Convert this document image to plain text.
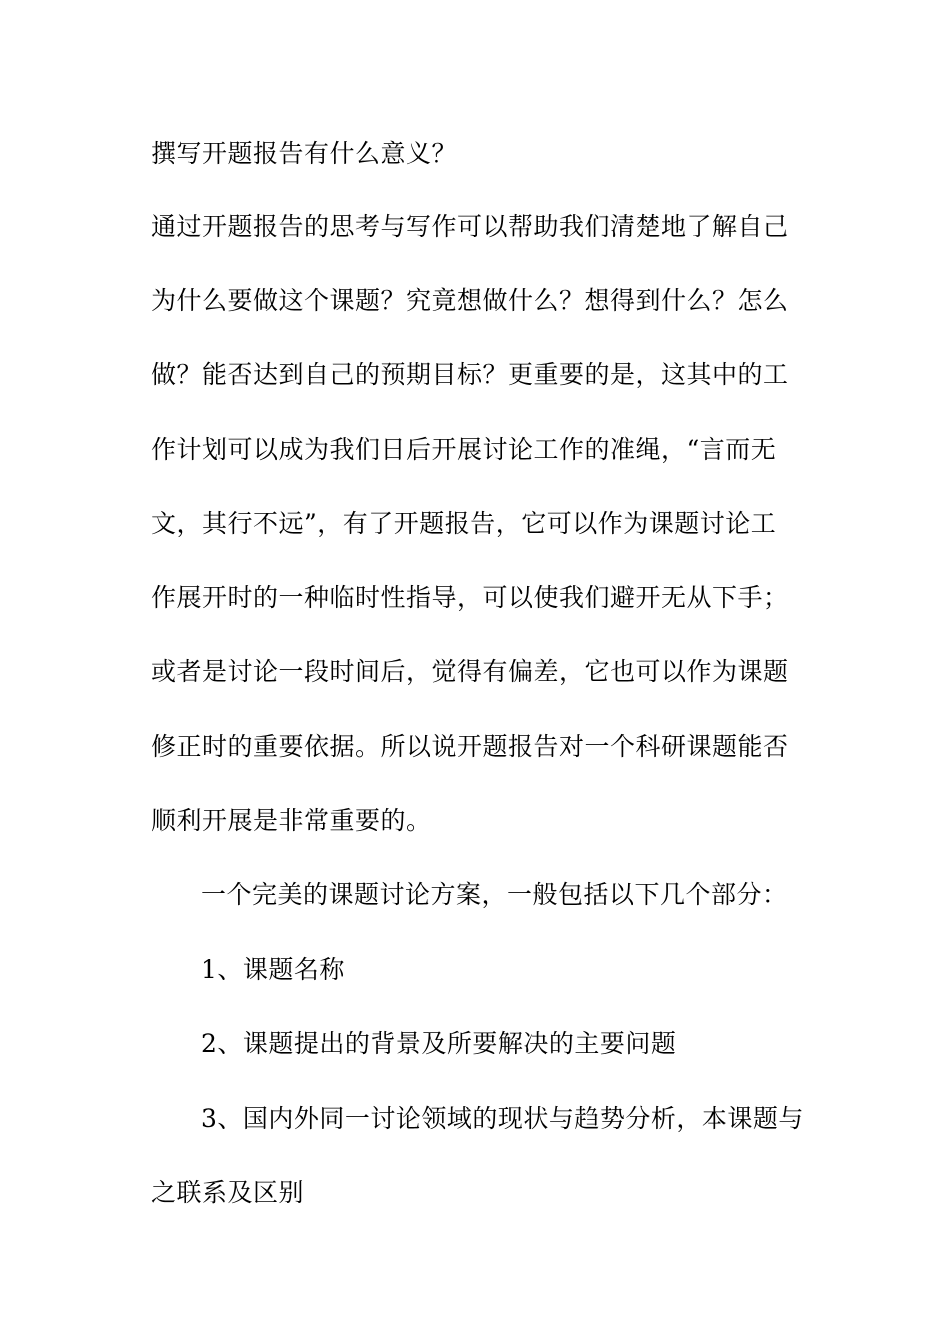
撰写开题报告有什么意义？
通过开题报告的思考与写作可以帮助我们清楚地了解自己
为什么要做这个课题？究竟想做什么？想得到什么？怎么
做？能否达到自己的预期目标？更重要的是，这其中的工
作计划可以成为我们日后开展讨论工作的准绳，“言而无
文，其行不远”，有了开题报告，它可以作为课题讨论工
作展开时的一种临时性指导，可以使我们避开无从下手；
或者是讨论一段时间后，觉得有偏差，它也可以作为课题
修正时的重要依据。所以说开题报告对一个科研课题能否
顺利开展是非常重要的。
一个完美的课题讨论方案，一般包括以下几个部分：
1、课题名称
2、课题提出的背景及所要解决的主要问题
3、国内外同一讨论领域的现状与趋势分析，本课题与
之联系及区别
